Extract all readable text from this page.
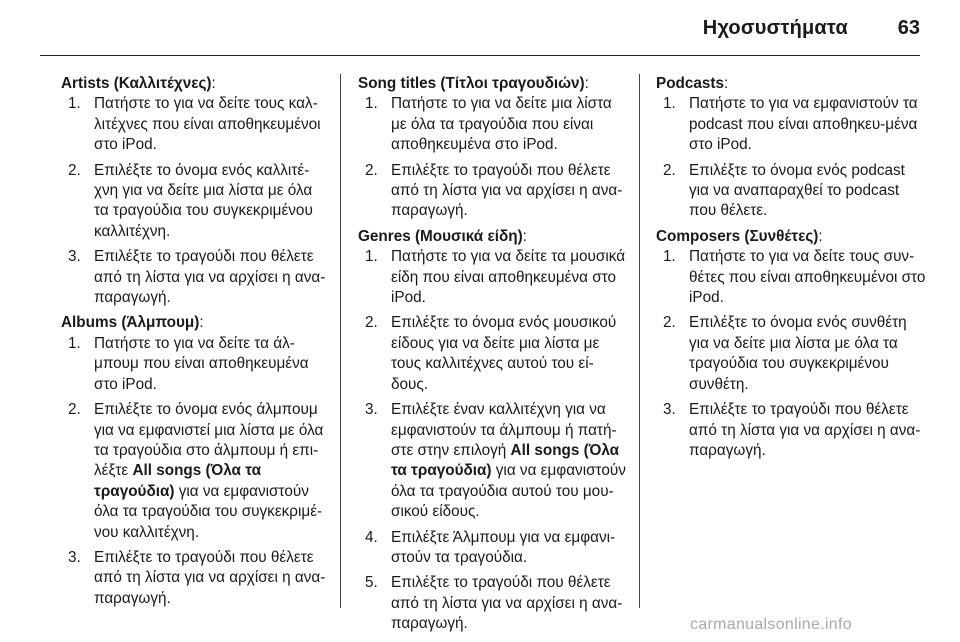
Ηχοσυστήματα 63
Artists (Καλλιτέχνες):
1. Πατήστε το για να δείτε τους καλ-λιτέχνες που είναι αποθηκευμένοι στο iPod.
2. Επιλέξτε το όνομα ενός καλλιτέ-χνη για να δείτε μια λίστα με όλα τα τραγούδια του συγκεκριμένου καλλιτέχνη.
3. Επιλέξτε το τραγούδι που θέλετε από τη λίστα για να αρχίσει η ανα-παραγωγή.
Albums (Άλμπουμ):
1. Πατήστε το για να δείτε τα άλ-μπουμ που είναι αποθηκευμένα στο iPod.
2. Επιλέξτε το όνομα ενός άλμπουμ για να εμφανιστεί μια λίστα με όλα τα τραγούδια στο άλμπουμ ή επι-λέξτε All songs (Όλα τα τραγούδια) για να εμφανιστούν όλα τα τραγούδια του συγκεκριμέ-νου καλλιτέχνη.
3. Επιλέξτε το τραγούδι που θέλετε από τη λίστα για να αρχίσει η ανα-παραγωγή.
Song titles (Τίτλοι τραγουδιών):
1. Πατήστε το για να δείτε μια λίστα με όλα τα τραγούδια που είναι αποθηκευμένα στο iPod.
2. Επιλέξτε το τραγούδι που θέλετε από τη λίστα για να αρχίσει η ανα-παραγωγή.
Genres (Μουσικά είδη):
1. Πατήστε το για να δείτε τα μουσικά είδη που είναι αποθηκευμένα στο iPod.
2. Επιλέξτε το όνομα ενός μουσικού είδους για να δείτε μια λίστα με τους καλλιτέχνες αυτού του εί-δους.
3. Επιλέξτε έναν καλλιτέχνη για να εμφανιστούν τα άλμπουμ ή πατή-στε στην επιλογή All songs (Όλα τα τραγούδια) για να εμφανιστούν όλα τα τραγούδια αυτού του μου-σικού είδους.
4. Επιλέξτε Άλμπουμ για να εμφανι-στούν τα τραγούδια.
5. Επιλέξτε το τραγούδι που θέλετε από τη λίστα για να αρχίσει η ανα-παραγωγή.
Podcasts:
1. Πατήστε το για να εμφανιστούν τα podcast που είναι αποθηκευ-μένα στο iPod.
2. Επιλέξτε το όνομα ενός podcast για να αναπαραχθεί το podcast που θέλετε.
Composers (Συνθέτες):
1. Πατήστε το για να δείτε τους συν-θέτες που είναι αποθηκευμένοι στο iPod.
2. Επιλέξτε το όνομα ενός συνθέτη για να δείτε μια λίστα με όλα τα τραγούδια του συγκεκριμένου συνθέτη.
3. Επιλέξτε το τραγούδι που θέλετε από τη λίστα για να αρχίσει η ανα-παραγωγή.
carmanualsonline.info
